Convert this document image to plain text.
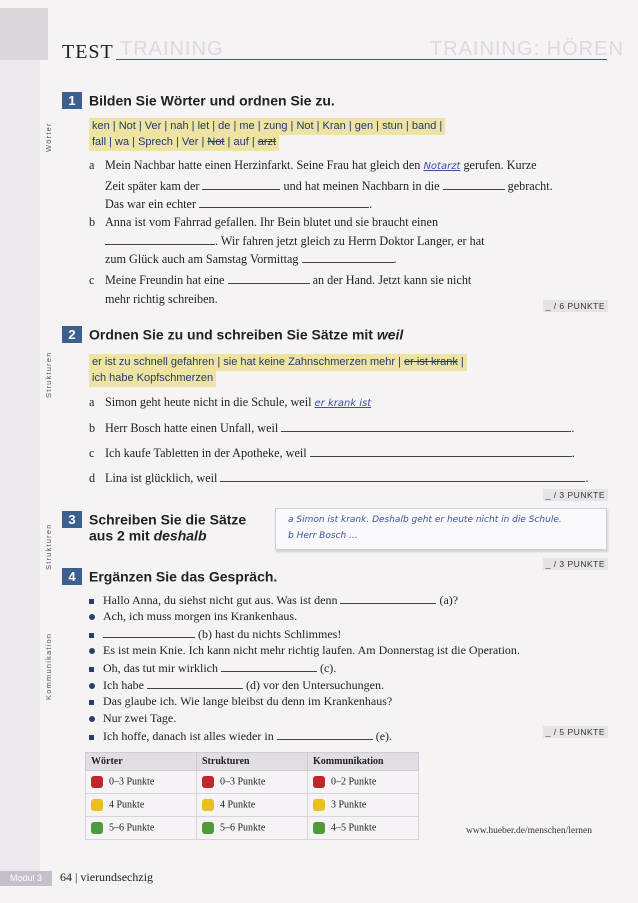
TRAINING	TRAINING: HÖREN
TEST
1 Bilden Sie Wörter und ordnen Sie zu.
Wörter	ken | Not | Ver | nah | let | de | me | zung | Not | Kran | gen | stun | band |
fall | wa | Sprech | Ver | Not | auf | arzt
a Mein Nachbar hatte einen Herzinfarkt. Seine Frau hat gleich den Notarzt gerufen. Kurze
Zeit später kam der	und hat meinen Nachbarn in die	gebracht.
Das war ein echter	.
b Anna ist vom Fahrrad gefallen. Ihr Bein blutet und sie braucht einen
. Wir fahren jetzt gleich zu Herrn Doktor Langer, er hat
zum Glück auch am Samstag Vormittag	.
c Meine Freundin hat eine	an der Hand. Jetzt kann sie nicht
mehr richtig schreiben.
_ / 6 PUNKTE
2 Ordnen Sie zu und schreiben Sie Sätze mit weil
Strukturen	er ist zu schnell gefahren | sie hat keine Zahnschmerzen mehr | er ist krank |
ich habe Kopfschmerzen
a Simon geht heute nicht in die Schule, weil er krank ist
b Herr Bosch hatte einen Unfall, weil	.
c Ich kaufe Tabletten in der Apotheke, weil	.
d Lina ist glücklich, weil	.
_ / 3 PUNKTE
3 Schreiben Sie die Sätze
aus 2 mit deshalb
Strukturen
a Simon ist krank. Deshalb geht er heute nicht in die Schule.
b Herr Bosch ...
_ / 3 PUNKTE
4 Ergänzen Sie das Gespräch.
Kommunikation
Hallo Anna, du siehst nicht gut aus. Was ist denn	(a)?
Ach, ich muss morgen ins Krankenhaus.
(b) hast du nichts Schlimmes!
Es ist mein Knie. Ich kann nicht mehr richtig laufen. Am Donnerstag ist die Operation.
Oh, das tut mir wirklich	(c).
Ich habe	(d) vor den Untersuchungen.
Das glaube ich. Wie lange bleibst du denn im Krankenhaus?
Nur zwei Tage.
Ich hoffe, danach ist alles wieder in	(e).	_ / 5 PUNKTE
Wörter	Strukturen	Kommunikation
0–3 Punkte	0–3 Punkte	0–2 Punkte
4 Punkte	4 Punkte	3 Punkte
5–6 Punkte	5–6 Punkte	4–5 Punkte	www.hueber.de/menschen/lernen
Modul 3	64 | vierundsechzig
